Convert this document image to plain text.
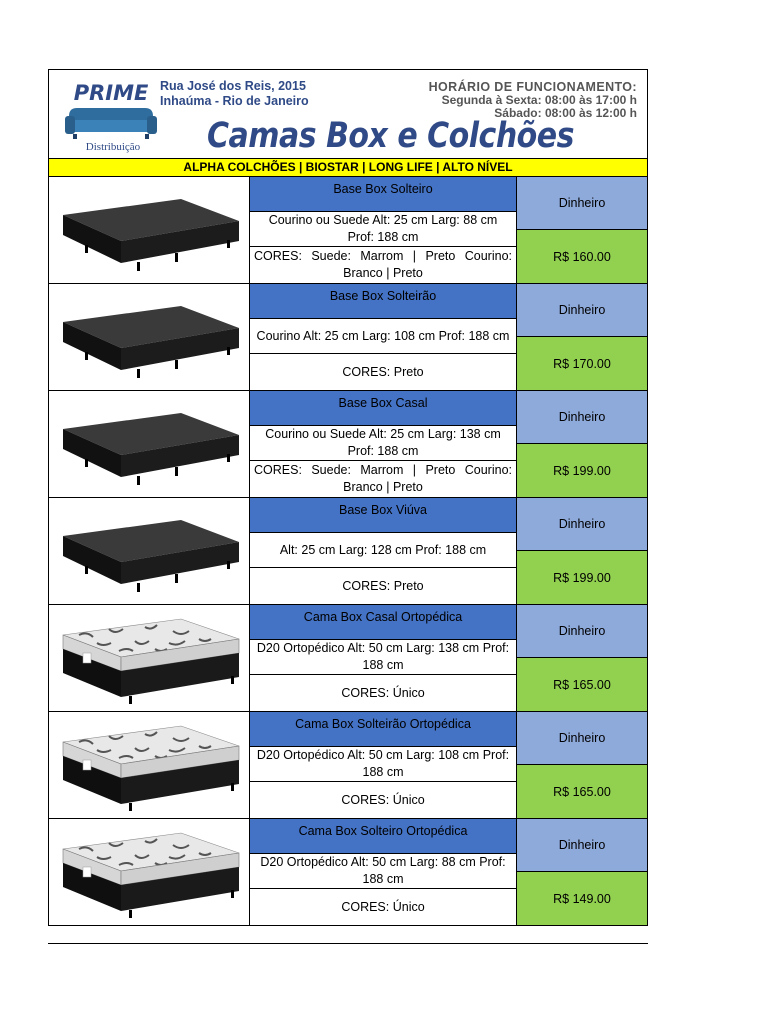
PRIME
Distribuição
Rua José dos Reis, 2015
Inhaúma - Rio de Janeiro
HORÁRIO DE FUNCIONAMENTO:
Segunda à Sexta: 08:00 às 17:00 h
Sábado: 08:00 às 12:00 h
Camas Box e Colchões
ALPHA COLCHÕES | BIOSTAR | LONG LIFE | ALTO NÍVEL
Base Box Solteiro
Courino ou Suede Alt: 25 cm Larg: 88 cm Prof: 188 cm
CORES: Suede: Marrom | Preto Courino: Branco | Preto
Dinheiro
R$ 160.00
Base Box Solteirão
Courino Alt: 25 cm Larg: 108 cm Prof: 188 cm
CORES: Preto
Dinheiro
R$ 170.00
Base Box Casal
Courino ou Suede Alt: 25 cm Larg: 138 cm Prof: 188 cm
CORES: Suede: Marrom | Preto Courino: Branco | Preto
Dinheiro
R$ 199.00
Base Box Viúva
Alt: 25 cm Larg: 128 cm Prof: 188 cm
CORES: Preto
Dinheiro
R$ 199.00
Cama Box Casal Ortopédica
D20 Ortopédico Alt: 50 cm Larg: 138 cm Prof: 188 cm
CORES: Único
Dinheiro
R$ 165.00
Cama Box Solteirão Ortopédica
D20 Ortopédico Alt: 50 cm Larg: 108 cm Prof: 188 cm
CORES: Único
Dinheiro
R$ 165.00
Cama Box Solteiro Ortopédica
D20 Ortopédico Alt: 50 cm Larg: 88 cm Prof: 188 cm
CORES: Único
Dinheiro
R$ 149.00
